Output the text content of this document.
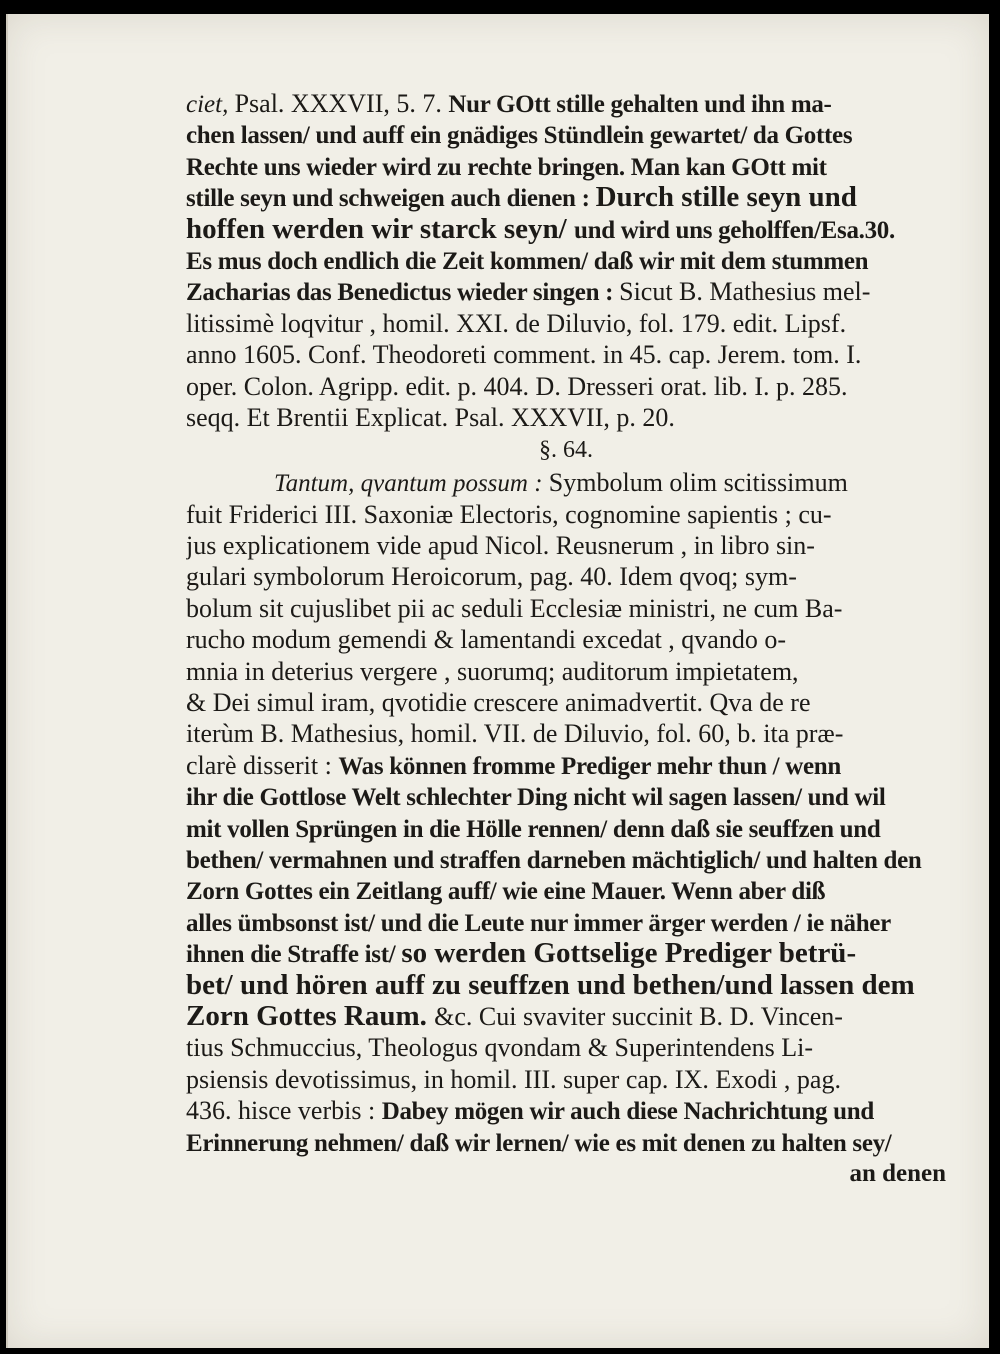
ciet, Psal. XXXVII, 5. 7. Nur GOtt stille gehalten und ihn ma-
chen lassen/ und auff ein gnädiges Stündlein gewartet/ da Gottes
Rechte uns wieder wird zu rechte bringen. Man kan GOtt mit
stille seyn und schweigen auch dienen : Durch stille seyn und
hoffen werden wir starck seyn/ und wird uns geholffen/Esa.30.
Es mus doch endlich die Zeit kommen/ daß wir mit dem stummen
Zacharias das Benedictus wieder singen : Sicut B. Mathesius mel-
litissimè loqvitur , homil. XXI. de Diluvio, fol. 179. edit. Lipsf.
anno 1605. Conf. Theodoreti comment. in 45. cap. Jerem. tom. I.
oper. Colon. Agripp. edit. p. 404. D. Dresseri orat. lib. I. p. 285.
seqq. Et Brentii Explicat. Psal. XXXVII, p. 20.
§. 64.
Tantum, qvantum possum : Symbolum olim scitissimum
fuit Friderici III. Saxoniæ Electoris, cognomine sapientis ; cu-
jus explicationem vide apud Nicol. Reusnerum , in libro sin-
gulari symbolorum Heroicorum, pag. 40. Idem qvoq; sym-
bolum sit cujuslibet pii ac seduli Ecclesiæ ministri, ne cum Ba-
rucho modum gemendi & lamentandi excedat , qvando o-
mnia in deterius vergere , suorumq; auditorum impietatem,
& Dei simul iram, qvotidie crescere animadvertit. Qva de re
iterùm B. Mathesius, homil. VII. de Diluvio, fol. 60, b. ita præ-
clarè disserit : Was können fromme Prediger mehr thun / wenn
ihr die Gottlose Welt schlechter Ding nicht wil sagen lassen/ und wil
mit vollen Sprüngen in die Hölle rennen/ denn daß sie seuffzen und
bethen/ vermahnen und straffen darneben mächtiglich/ und halten den
Zorn Gottes ein Zeitlang auff/ wie eine Mauer. Wenn aber diß
alles ümbsonst ist/ und die Leute nur immer ärger werden / ie näher
ihnen die Straffe ist/ so werden Gottselige Prediger betrü-
bet/ und hören auff zu seuffzen und bethen/und lassen dem
Zorn Gottes Raum. &c. Cui svaviter succinit B. D. Vincen-
tius Schmuccius, Theologus qvondam & Superintendens Li-
psiensis devotissimus, in homil. III. super cap. IX. Exodi , pag.
436. hisce verbis : Dabey mögen wir auch diese Nachrichtung und
Erinnerung nehmen/ daß wir lernen/ wie es mit denen zu halten sey/
an denen
